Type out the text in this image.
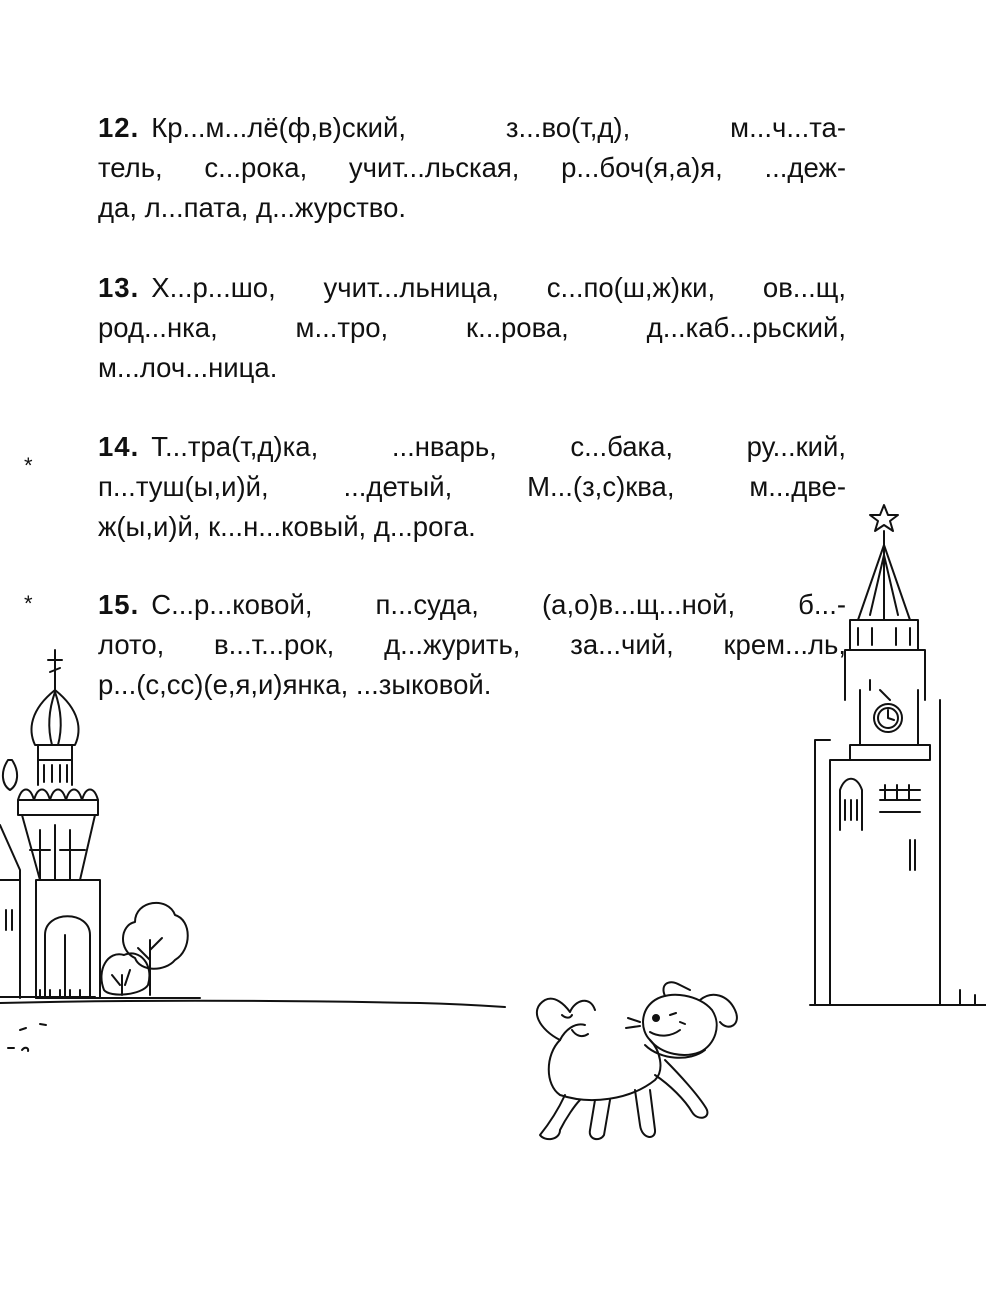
12. Кр...м...лё(ф,в)ский, з...во(т,д), м...ч...та-
тель, с...рока, учит...льская, р...боч(я,а)я, ...деж-
да, л...пата, д...журство.
13. Х...р...шо, учит...льница, с...по(ш,ж)ки, ов...щ,
род...нка, м...тро, к...рова, д...каб...рьский,
м...лоч...ница.
14. Т...тра(т,д)ка, ...нварь, с...бака, ру...кий,
п...туш(ы,и)й, ...детый, М...(з,с)ква, м...две-
ж(ы,и)й, к...н...ковый, д...рога.
15. С...р...ковой, п...суда, (а,о)в...щ...ной, б...-
лото, в...т...рок, д...журить, за...чий, крем...ль,
р...(с,сс)(е,я,и)янка, ...зыковой.
*
*
